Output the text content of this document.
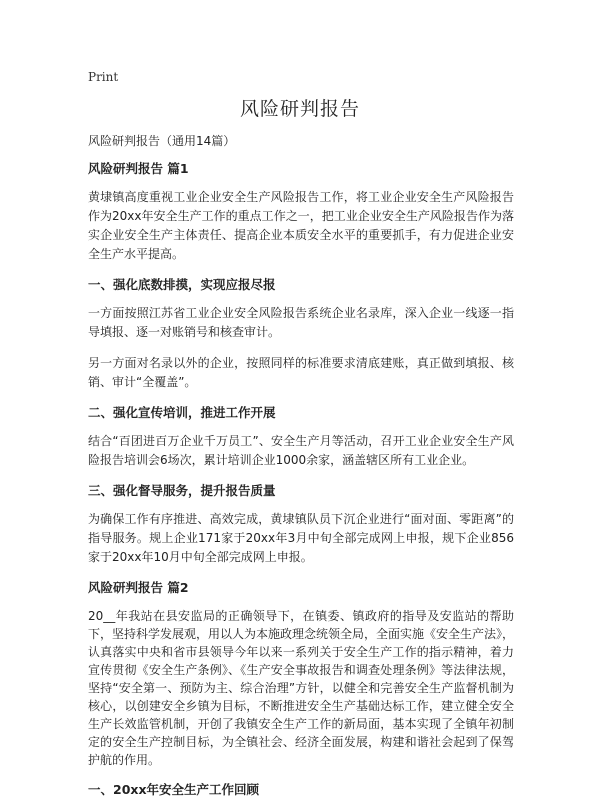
Print
风险研判报告
风险研判报告（通用14篇）
风险研判报告 篇1

黄埭镇高度重视工业企业安全生产风险报告工作，将工业企业安全生产风险报告作为20xx年安全生产工作的重点工作之一，把工业企业安全生产风险报告作为落实企业安全生产主体责任、提高企业本质安全水平的重要抓手，有力促进企业安全生产水平提高。

一、强化底数排摸，实现应报尽报

一方面按照江苏省工业企业安全风险报告系统企业名录库，深入企业一线逐一指导填报、逐一对账销号和核查审计。

另一方面对名录以外的企业，按照同样的标准要求清底建账，真正做到填报、核销、审计“全覆盖”。

二、强化宣传培训，推进工作开展

结合“百团进百万企业千万员工”、安全生产月等活动，召开工业企业安全生产风险报告培训会6场次，累计培训企业1000余家，涵盖辖区所有工业企业。

三、强化督导服务，提升报告质量

为确保工作有序推进、高效完成，黄埭镇队员下沉企业进行“面对面、零距离”的指导服务。规上企业171家于20xx年3月中旬全部完成网上申报，规下企业856家于20xx年10月中旬全部完成网上申报。

风险研判报告 篇2

20__年我站在县安监局的正确领导下，在镇委、镇政府的指导及安监站的帮助下，坚持科学发展观，用以人为本施政理念统领全局，全面实施《安全生产法》，认真落实中央和省市县领导今年以来一系列关于安全生产工作的指示精神，着力宣传贯彻《安全生产条例》、《生产安全事故报告和调查处理条例》等法律法规，坚持“安全第一、预防为主、综合治理”方针，以健全和完善安全生产监督机制为核心，以创建安全乡镇为目标，不断推进安全生产基础达标工作，建立健全安全生产长效监管机制，开创了我镇安全生产工作的新局面，基本实现了全镇年初制定的安全生产控制目标，为全镇社会、经济全面发展，构建和谐社会起到了保驾护航的作用。

一、20xx年安全生产工作回顾
